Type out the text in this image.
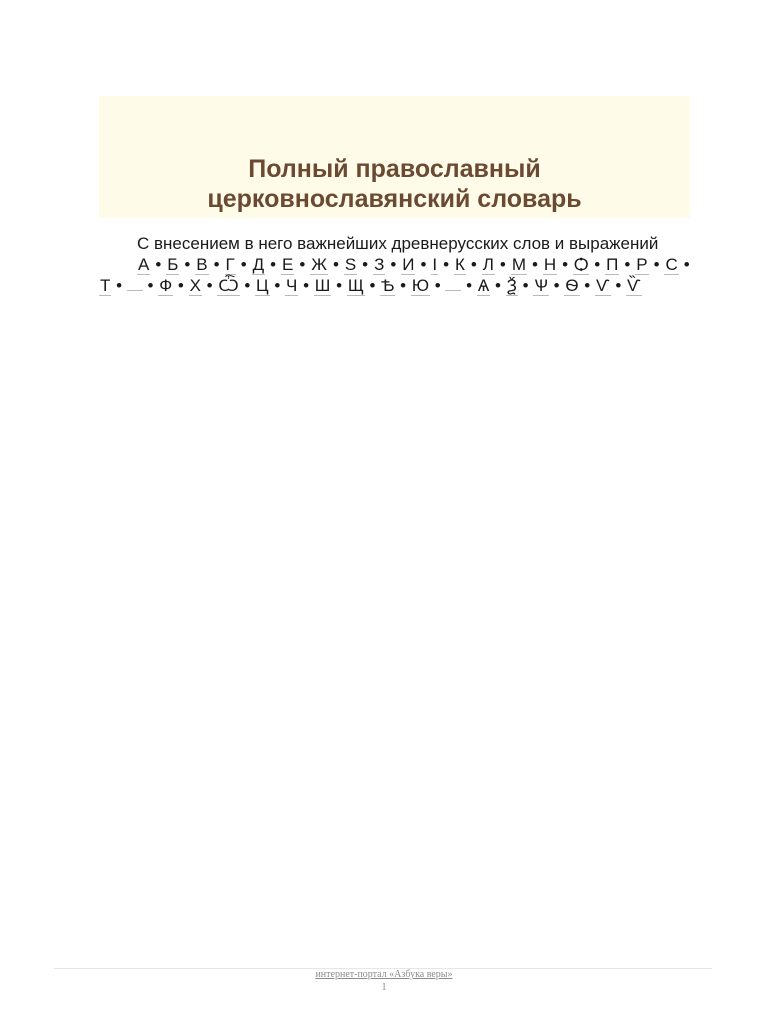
Полный православный
церковнославянский словарь

С внесением в него важнейших древнерусских слов и выражений

А • Б • В • Г • Д • Е • Ж • Ѕ • З • И • І • К • Л • М • Н • Ѻ • П • Р • С • Т • • Ф • Х • Ѽ • Ц • Ч • Ш • Щ • Ѣ • Ю • • Ѧ • Ѯ • Ѱ • Ѳ • Ѵ • Ѷ

интернет-портал «Азбука веры»
1
